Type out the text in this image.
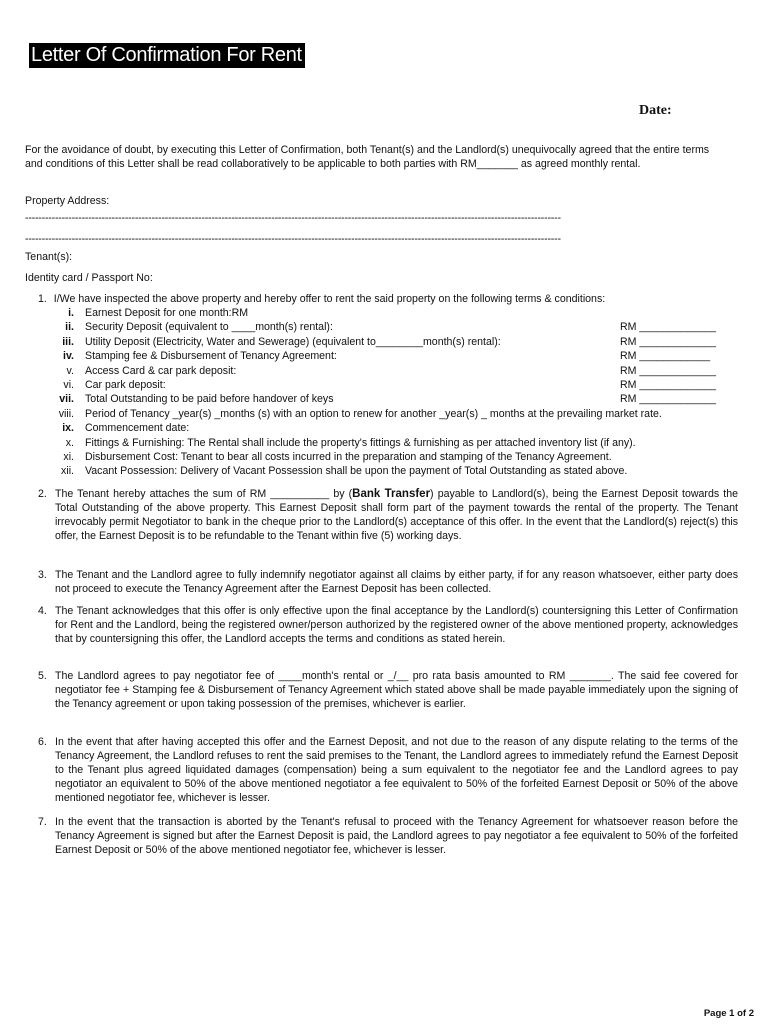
Letter Of Confirmation For Rent
Date:
For the avoidance of doubt, by executing this Letter of Confirmation, both Tenant(s) and the Landlord(s) unequivocally agreed that the entire terms and conditions of this Letter shall be read collaboratively to be applicable to both parties with RM_______ as agreed monthly rental.
Property Address:
-----------------------------------------------------------------------------------------------------------------------------------------------------------------
-----------------------------------------------------------------------------------------------------------------------------------------------------------------
Tenant(s):
Identity card / Passport No:
1. I/We have inspected the above property and hereby offer to rent the said property on the following terms & conditions:
i. Earnest Deposit for one month:RM
ii. Security Deposit (equivalent to ____month(s) rental):	RM _____________
iii. Utility Deposit (Electricity, Water and Sewerage) (equivalent to________month(s) rental):	RM _____________
iv. Stamping fee & Disbursement of Tenancy Agreement:	RM ____________
v. Access Card & car park deposit:	RM _____________
vi. Car park deposit:	RM _____________
vii. Total Outstanding to be paid before handover of keys	RM _____________
viii. Period of Tenancy _year(s) _months (s) with an option to renew for another _year(s) _ months at the prevailing market rate.
ix. Commencement date:
x. Fittings & Furnishing: The Rental shall include the property's fittings & furnishing as per attached inventory list (if any).
xi. Disbursement Cost: Tenant to bear all costs incurred in the preparation and stamping of the Tenancy Agreement.
xii. Vacant Possession: Delivery of Vacant Possession shall be upon the payment of Total Outstanding as stated above.
2. The Tenant hereby attaches the sum of RM __________ by (Bank Transfer) payable to Landlord(s), being the Earnest Deposit towards the Total Outstanding of the above property. This Earnest Deposit shall form part of the payment towards the rental of the property. The Tenant irrevocably permit Negotiator to bank in the cheque prior to the Landlord(s) acceptance of this offer. In the event that the Landlord(s) reject(s) this offer, the Earnest Deposit is to be refundable to the Tenant within five (5) working days.
3. The Tenant and the Landlord agree to fully indemnify negotiator against all claims by either party, if for any reason whatsoever, either party does not proceed to execute the Tenancy Agreement after the Earnest Deposit has been collected.
4. The Tenant acknowledges that this offer is only effective upon the final acceptance by the Landlord(s) countersigning this Letter of Confirmation for Rent and the Landlord, being the registered owner/person authorized by the registered owner of the above mentioned property, acknowledges that by countersigning this offer, the Landlord accepts the terms and conditions as stated herein.
5. The Landlord agrees to pay negotiator fee of ____month's rental or _/__ pro rata basis amounted to RM _______. The said fee covered for negotiator fee + Stamping fee & Disbursement of Tenancy Agreement which stated above shall be made payable immediately upon the signing of the Tenancy agreement or upon taking possession of the premises, whichever is earlier.
6. In the event that after having accepted this offer and the Earnest Deposit, and not due to the reason of any dispute relating to the terms of the Tenancy Agreement, the Landlord refuses to rent the said premises to the Tenant, the Landlord agrees to immediately refund the Earnest Deposit to the Tenant plus agreed liquidated damages (compensation) being a sum equivalent to the negotiator fee and the Landlord agrees to pay negotiator an equivalent to 50% of the above mentioned negotiator a fee equivalent to 50% of the forfeited Earnest Deposit or 50% of the above mentioned negotiator fee, whichever is lesser.
7. In the event that the transaction is aborted by the Tenant's refusal to proceed with the Tenancy Agreement for whatsoever reason before the Tenancy Agreement is signed but after the Earnest Deposit is paid, the Landlord agrees to pay negotiator a fee equivalent to 50% of the forfeited Earnest Deposit or 50% of the above mentioned negotiator fee, whichever is lesser.
Page 1 of 2
